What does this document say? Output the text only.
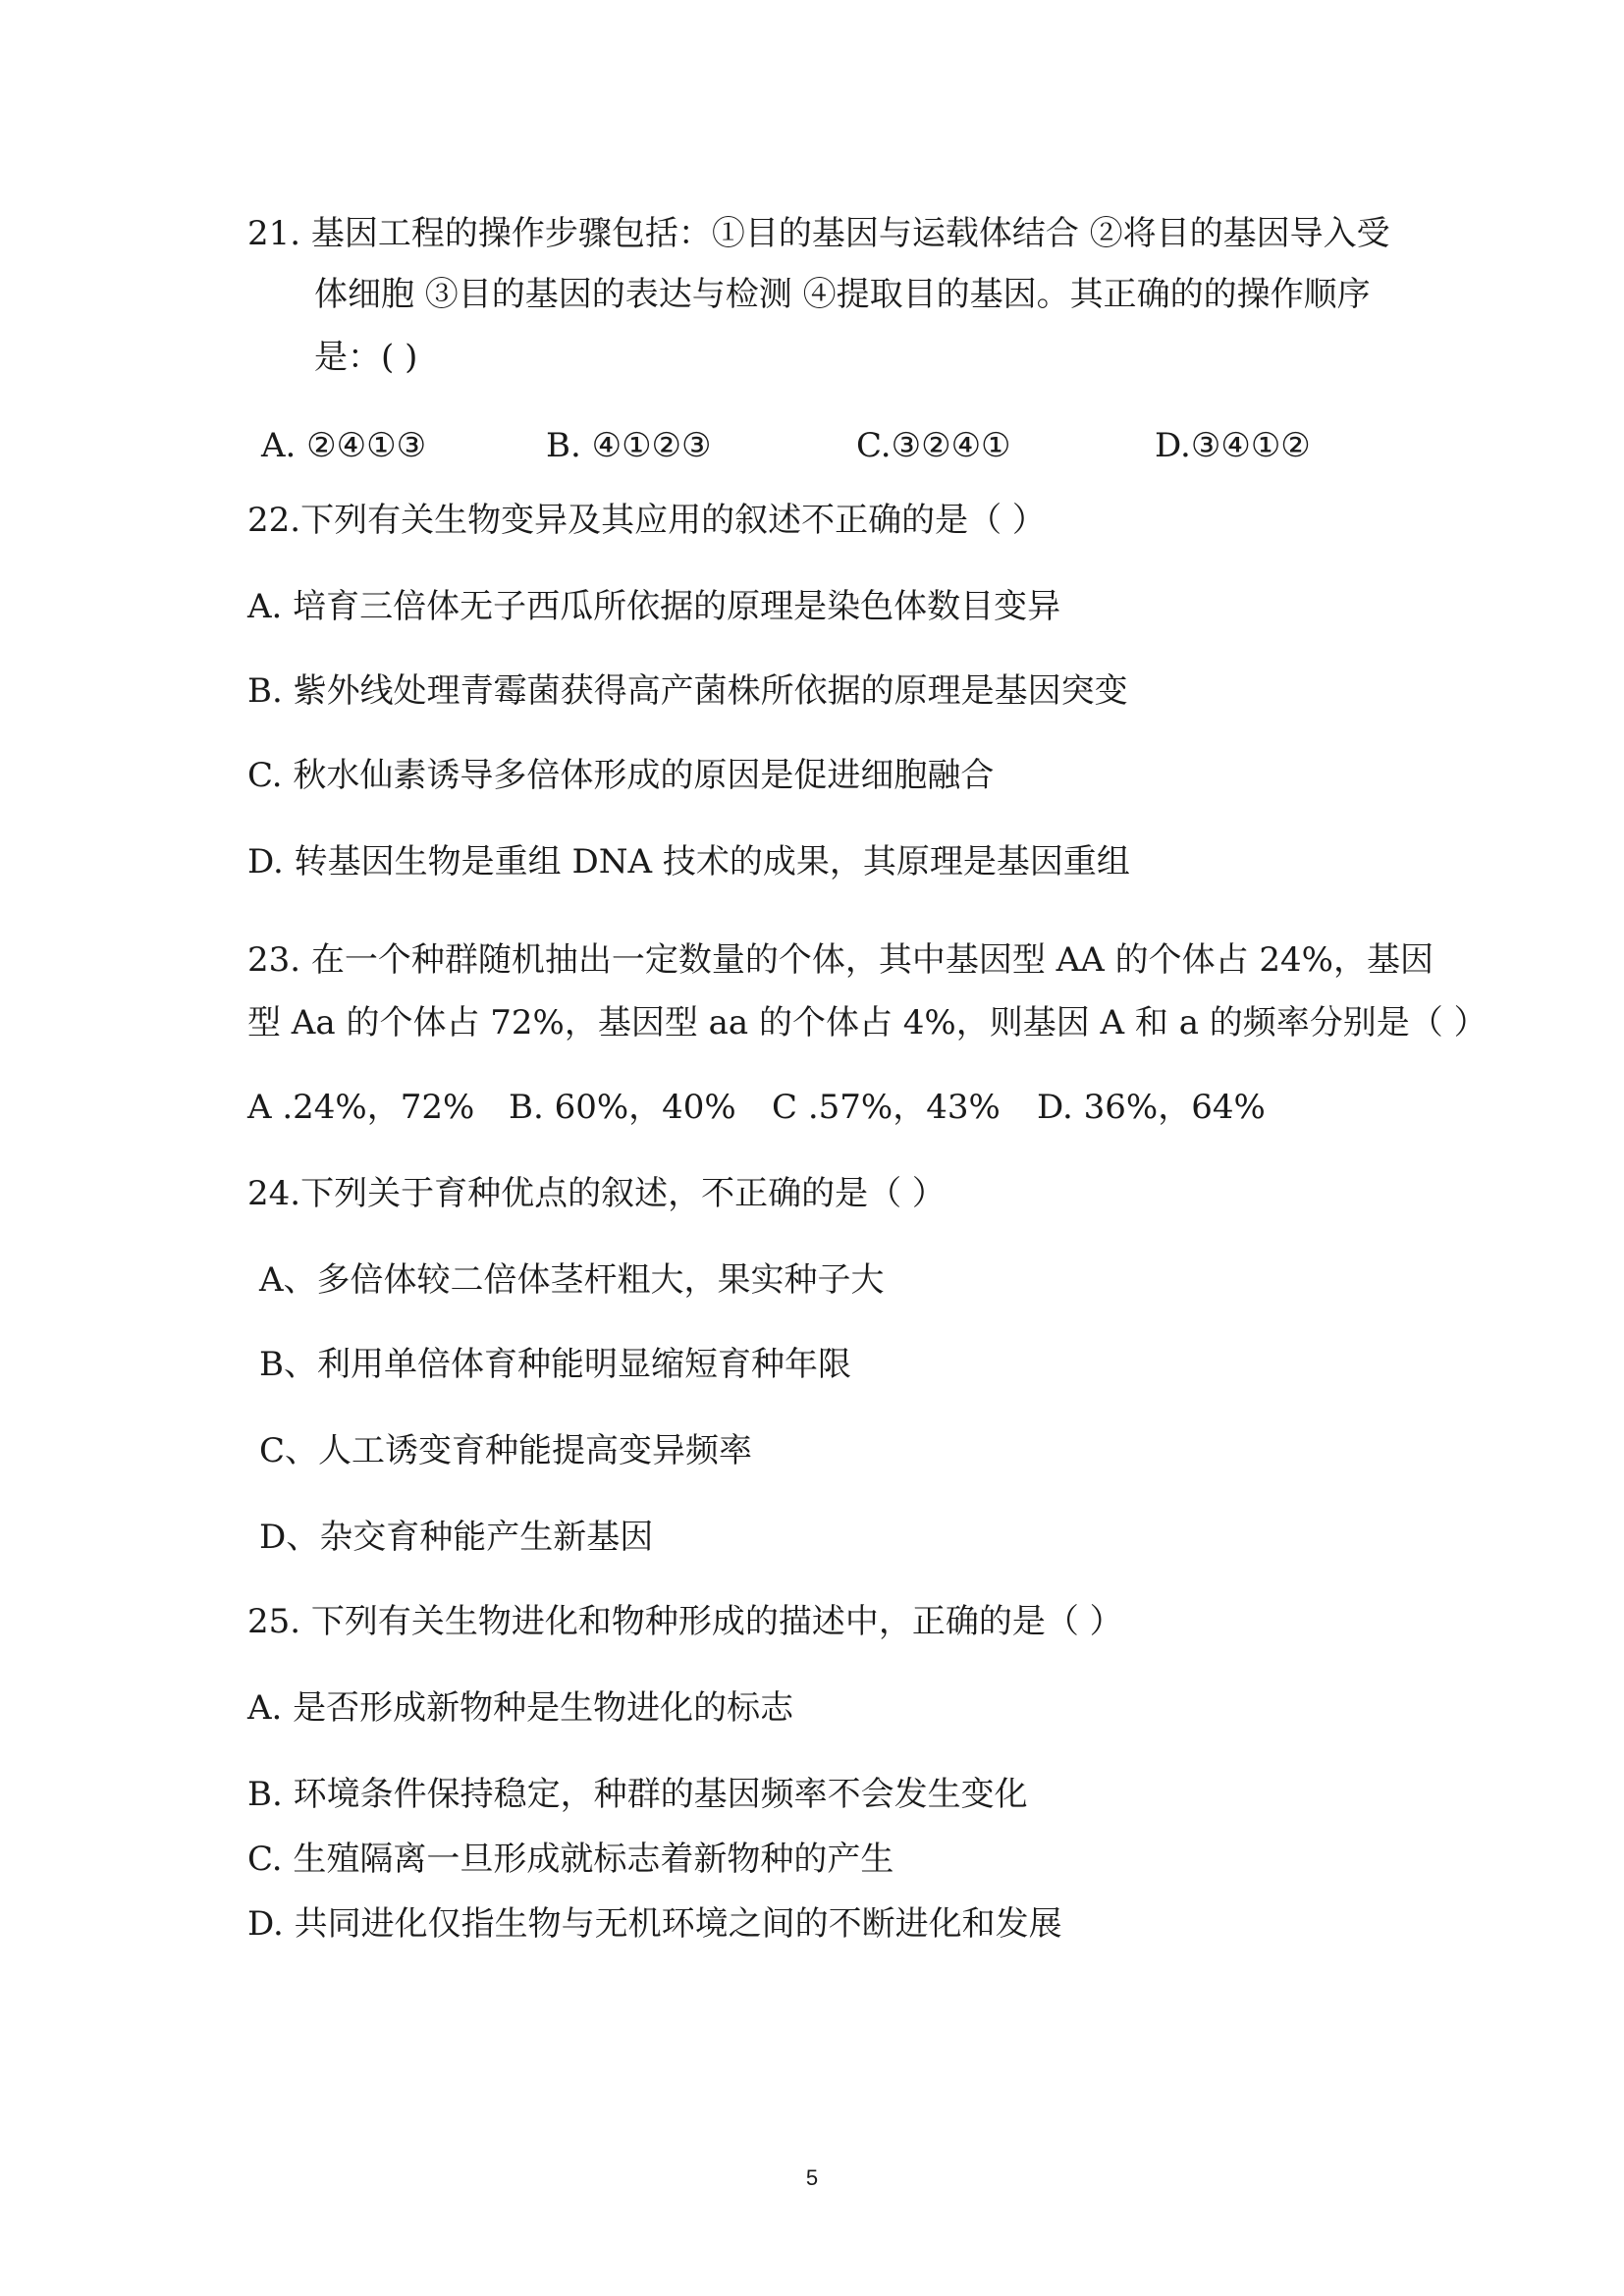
21. 基因工程的操作步骤包括：①目的基因与运载体结合 ②将目的基因导入受
体细胞 ③目的基因的表达与检测 ④提取目的基因。其正确的的操作顺序
是：( )
A. ②④①③	B. ④①②③	C.③②④①	D.③④①②
22.下列有关生物变异及其应用的叙述不正确的是（ ）
A. 培育三倍体无子西瓜所依据的原理是染色体数目变异
B. 紫外线处理青霉菌获得高产菌株所依据的原理是基因突变
C. 秋水仙素诱导多倍体形成的原因是促进细胞融合
D. 转基因生物是重组 DNA 技术的成果，其原理是基因重组
23. 在一个种群随机抽出一定数量的个体，其中基因型 AA 的个体占 24%，基因
型 Aa 的个体占 72%，基因型 aa 的个体占 4%，则基因 A 和 a 的频率分别是（ ）
A .24%，72% B. 60%，40% C .57%，43% D. 36%，64%
24.下列关于育种优点的叙述，不正确的是（ ）
A、多倍体较二倍体茎杆粗大，果实种子大
B、利用单倍体育种能明显缩短育种年限
C、人工诱变育种能提高变异频率
D、杂交育种能产生新基因
25. 下列有关生物进化和物种形成的描述中，正确的是（ ）
A. 是否形成新物种是生物进化的标志
B. 环境条件保持稳定，种群的基因频率不会发生变化
C. 生殖隔离一旦形成就标志着新物种的产生
D. 共同进化仅指生物与无机环境之间的不断进化和发展
5
